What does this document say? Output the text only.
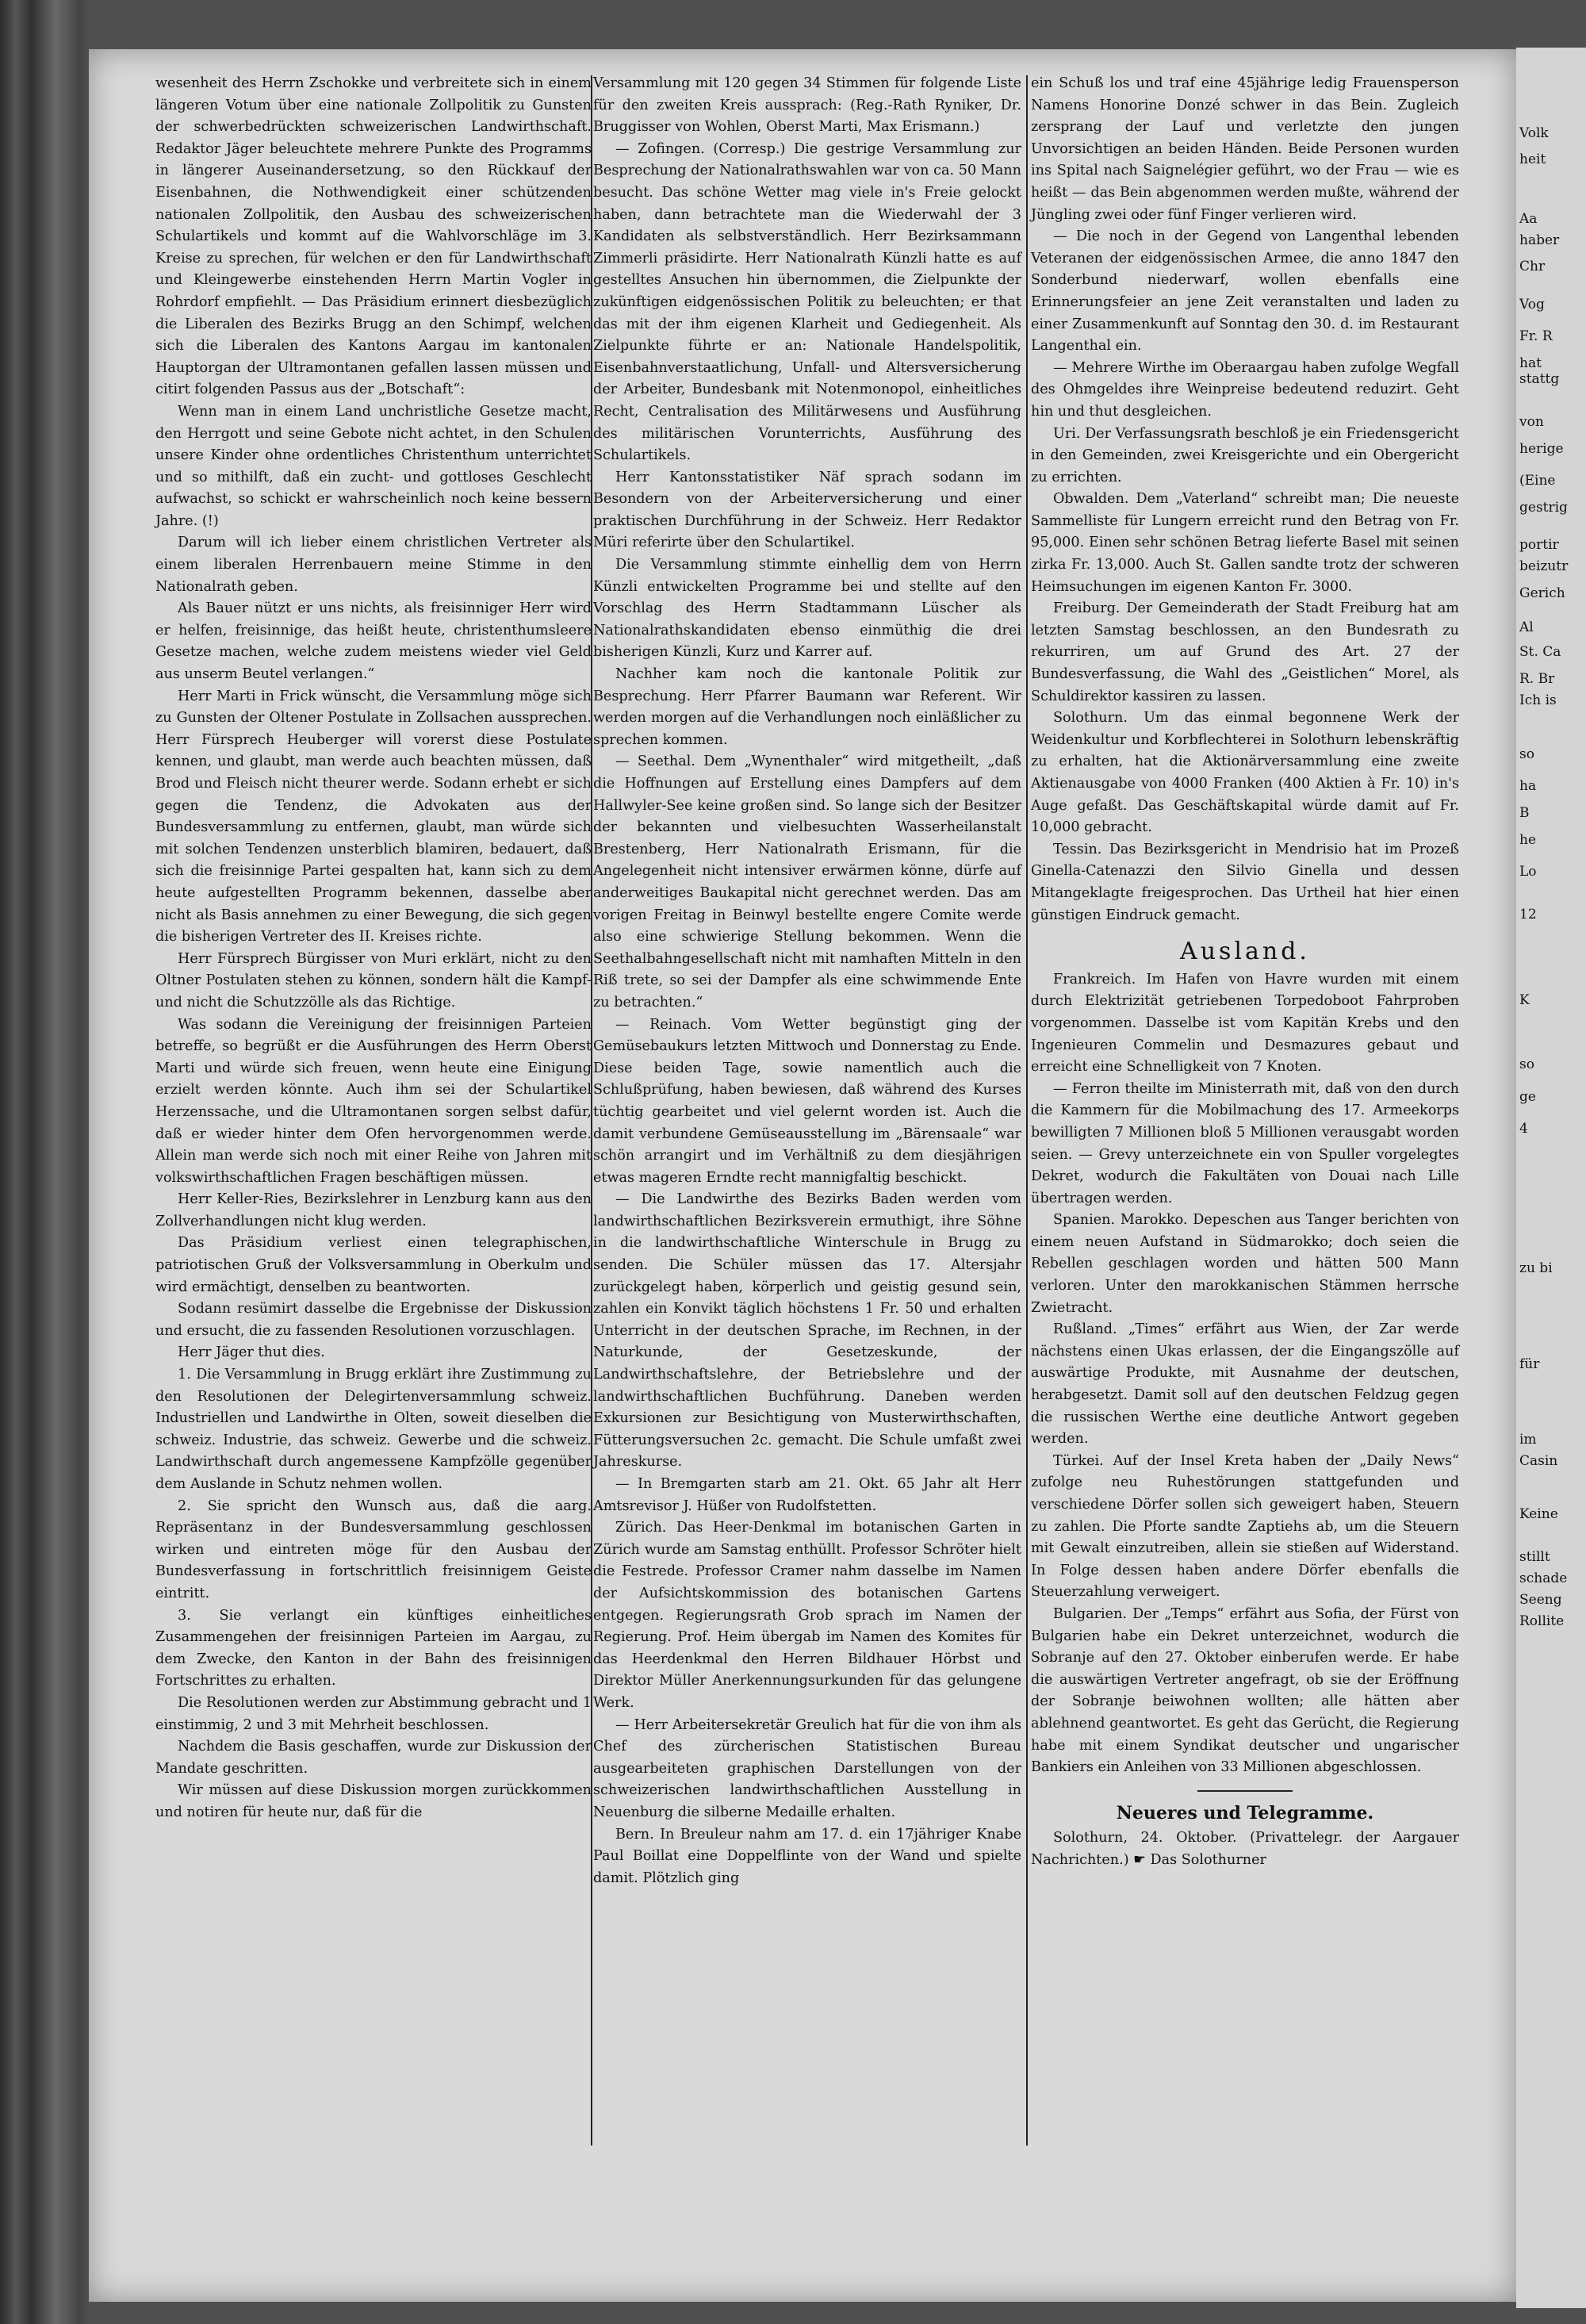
wesenheit des Herrn Zschokke und verbreitete sich in einem längeren Votum über eine nationale Zollpolitik zu Gunsten der schwerbedrückten schweizerischen Landwirthschaft. Redaktor Jäger beleuchtete mehrere Punkte des Programms in längerer Auseinandersetzung, so den Rückkauf der Eisenbahnen, die Nothwendigkeit einer schützenden nationalen Zollpolitik, den Ausbau des schweizerischen Schulartikels und kommt auf die Wahlvorschläge im 3. Kreise zu sprechen, für welchen er den für Landwirthschaft und Kleingewerbe einstehenden Herrn Martin Vogler in Rohrdorf empfiehlt. — Das Präsidium erinnert diesbezüglich die Liberalen des Bezirks Brugg an den Schimpf, welchen sich die Liberalen des Kantons Aargau im kantonalen Hauptorgan der Ultramontanen gefallen lassen müssen und citirt folgenden Passus aus der „Botschaft“:

Wenn man in einem Land unchristliche Gesetze macht, den Herrgott und seine Gebote nicht achtet, in den Schulen unsere Kinder ohne ordentliches Christenthum unterrichtet und so mithilft, daß ein zucht- und gottloses Geschlecht aufwachst, so schickt er wahrscheinlich noch keine bessern Jahre. (!)

Darum will ich lieber einem christlichen Vertreter als einem liberalen Herrenbauern meine Stimme in den Nationalrath geben.

Als Bauer nützt er uns nichts, als freisinniger Herr wird er helfen, freisinnige, das heißt heute, christenthumsleere Gesetze machen, welche zudem meistens wieder viel Geld aus unserm Beutel verlangen.“

Herr Marti in Frick wünscht, die Versammlung möge sich zu Gunsten der Oltener Postulate in Zollsachen aussprechen. Herr Fürsprech Heuberger will vorerst diese Postulate kennen, und glaubt, man werde auch beachten müssen, daß Brod und Fleisch nicht theurer werde. Sodann erhebt er sich gegen die Tendenz, die Advokaten aus der Bundesversammlung zu entfernen, glaubt, man würde sich mit solchen Tendenzen unsterblich blamiren, bedauert, daß sich die freisinnige Partei gespalten hat, kann sich zu dem heute aufgestellten Programm bekennen, dasselbe aber nicht als Basis annehmen zu einer Bewegung, die sich gegen die bisherigen Vertreter des II. Kreises richte.

Herr Fürsprech Bürgisser von Muri erklärt, nicht zu den Oltner Postulaten stehen zu können, sondern hält die Kampf- und nicht die Schutzzölle als das Richtige.

Was sodann die Vereinigung der freisinnigen Parteien betreffe, so begrüßt er die Ausführungen des Herrn Oberst Marti und würde sich freuen, wenn heute eine Einigung erzielt werden könnte. Auch ihm sei der Schulartikel Herzenssache, und die Ultramontanen sorgen selbst dafür, daß er wieder hinter dem Ofen hervorgenommen werde. Allein man werde sich noch mit einer Reihe von Jahren mit volkswirthschaftlichen Fragen beschäftigen müssen.

Herr Keller-Ries, Bezirkslehrer in Lenzburg kann aus den Zollverhandlungen nicht klug werden.

Das Präsidium verliest einen telegraphischen, patriotischen Gruß der Volksversammlung in Oberkulm und wird ermächtigt, denselben zu beantworten.

Sodann resümirt dasselbe die Ergebnisse der Diskussion und ersucht, die zu fassenden Resolutionen vorzuschlagen.

Herr Jäger thut dies.

1. Die Versammlung in Brugg erklärt ihre Zustimmung zu den Resolutionen der Delegirtenversammlung schweiz. Industriellen und Landwirthe in Olten, soweit dieselben die schweiz. Industrie, das schweiz. Gewerbe und die schweiz. Landwirthschaft durch angemessene Kampfzölle gegenüber dem Auslande in Schutz nehmen wollen.

2. Sie spricht den Wunsch aus, daß die aarg. Repräsentanz in der Bundesversammlung geschlossen wirken und eintreten möge für den Ausbau der Bundesverfassung in fortschrittlich freisinnigem Geiste eintritt.

3. Sie verlangt ein künftiges einheitliches Zusammengehen der freisinnigen Parteien im Aargau, zu dem Zwecke, den Kanton in der Bahn des freisinnigen Fortschrittes zu erhalten.

Die Resolutionen werden zur Abstimmung gebracht und 1 einstimmig, 2 und 3 mit Mehrheit beschlossen.

Nachdem die Basis geschaffen, wurde zur Diskussion der Mandate geschritten.

Wir müssen auf diese Diskussion morgen zurückkommen und notiren für heute nur, daß für die

Versammlung mit 120 gegen 34 Stimmen für folgende Liste für den zweiten Kreis aussprach: (Reg.-Rath Ryniker, Dr. Bruggisser von Wohlen, Oberst Marti, Max Erismann.)

— Zofingen. (Corresp.) Die gestrige Versammlung zur Besprechung der Nationalrathswahlen war von ca. 50 Mann besucht. Das schöne Wetter mag viele in's Freie gelockt haben, dann betrachtete man die Wiederwahl der 3 Kandidaten als selbstverständlich. Herr Bezirksammann Zimmerli präsidirte. Herr Nationalrath Künzli hatte es auf gestelltes Ansuchen hin übernommen, die Zielpunkte der zukünftigen eidgenössischen Politik zu beleuchten; er that das mit der ihm eigenen Klarheit und Gediegenheit. Als Zielpunkte führte er an: Nationale Handelspolitik, Eisenbahnverstaatlichung, Unfall- und Altersversicherung der Arbeiter, Bundesbank mit Notenmonopol, einheitliches Recht, Centralisation des Militärwesens und Ausführung des militärischen Vorunterrichts, Ausführung des Schulartikels.

Herr Kantonsstatistiker Näf sprach sodann im Besondern von der Arbeiterversicherung und einer praktischen Durchführung in der Schweiz. Herr Redaktor Müri referirte über den Schulartikel.

Die Versammlung stimmte einhellig dem von Herrn Künzli entwickelten Programme bei und stellte auf den Vorschlag des Herrn Stadtammann Lüscher als Nationalrathskandidaten ebenso einmüthig die drei bisherigen Künzli, Kurz und Karrer auf.

Nachher kam noch die kantonale Politik zur Besprechung. Herr Pfarrer Baumann war Referent. Wir werden morgen auf die Verhandlungen noch einläßlicher zu sprechen kommen.

— Seethal. Dem „Wynenthaler“ wird mitgetheilt, „daß die Hoffnungen auf Erstellung eines Dampfers auf dem Hallwyler-See keine großen sind. So lange sich der Besitzer der bekannten und vielbesuchten Wasserheilanstalt Brestenberg, Herr Nationalrath Erismann, für die Angelegenheit nicht intensiver erwärmen könne, dürfe auf anderweitiges Baukapital nicht gerechnet werden. Das am vorigen Freitag in Beinwyl bestellte engere Comite werde also eine schwierige Stellung bekommen. Wenn die Seethalbahngesellschaft nicht mit namhaften Mitteln in den Riß trete, so sei der Dampfer als eine schwimmende Ente zu betrachten.“

— Reinach. Vom Wetter begünstigt ging der Gemüsebaukurs letzten Mittwoch und Donnerstag zu Ende. Diese beiden Tage, sowie namentlich auch die Schlußprüfung, haben bewiesen, daß während des Kurses tüchtig gearbeitet und viel gelernt worden ist. Auch die damit verbundene Gemüseausstellung im „Bärensaale“ war schön arrangirt und im Verhältniß zu dem diesjährigen etwas mageren Erndte recht mannigfaltig beschickt.

— Die Landwirthe des Bezirks Baden werden vom landwirthschaftlichen Bezirksverein ermuthigt, ihre Söhne in die landwirthschaftliche Winterschule in Brugg zu senden. Die Schüler müssen das 17. Altersjahr zurückgelegt haben, körperlich und geistig gesund sein, zahlen ein Konvikt täglich höchstens 1 Fr. 50 und erhalten Unterricht in der deutschen Sprache, im Rechnen, in der Naturkunde, der Gesetzeskunde, der Landwirthschaftslehre, der Betriebslehre und der landwirthschaftlichen Buchführung. Daneben werden Exkursionen zur Besichtigung von Musterwirthschaften, Fütterungsversuchen 2c. gemacht. Die Schule umfaßt zwei Jahreskurse.

— In Bremgarten starb am 21. Okt. 65 Jahr alt Herr Amtsrevisor J. Hüßer von Rudolfstetten.

Zürich. Das Heer-Denkmal im botanischen Garten in Zürich wurde am Samstag enthüllt. Professor Schröter hielt die Festrede. Professor Cramer nahm dasselbe im Namen der Aufsichtskommission des botanischen Gartens entgegen. Regierungsrath Grob sprach im Namen der Regierung. Prof. Heim übergab im Namen des Komites für das Heerdenkmal den Herren Bildhauer Hörbst und Direktor Müller Anerkennungsurkunden für das gelungene Werk.

— Herr Arbeitersekretär Greulich hat für die von ihm als Chef des zürcherischen Statistischen Bureau ausgearbeiteten graphischen Darstellungen von der schweizerischen landwirthschaftlichen Ausstellung in Neuenburg die silberne Medaille erhalten.

Bern. In Breuleur nahm am 17. d. ein 17jähriger Knabe Paul Boillat eine Doppelflinte von der Wand und spielte damit. Plötzlich ging

ein Schuß los und traf eine 45jährige ledig Frauensperson Namens Honorine Donzé schwer in das Bein. Zugleich zersprang der Lauf und verletzte den jungen Unvorsichtigen an beiden Händen. Beide Personen wurden ins Spital nach Saignelégier geführt, wo der Frau — wie es heißt — das Bein abgenommen werden mußte, während der Jüngling zwei oder fünf Finger verlieren wird.

— Die noch in der Gegend von Langenthal lebenden Veteranen der eidgenössischen Armee, die anno 1847 den Sonderbund niederwarf, wollen ebenfalls eine Erinnerungsfeier an jene Zeit veranstalten und laden zu einer Zusammenkunft auf Sonntag den 30. d. im Restaurant Langenthal ein.

— Mehrere Wirthe im Oberaargau haben zufolge Wegfall des Ohmgeldes ihre Weinpreise bedeutend reduzirt. Geht hin und thut desgleichen.

Uri. Der Verfassungsrath beschloß je ein Friedensgericht in den Gemeinden, zwei Kreisgerichte und ein Obergericht zu errichten.

Obwalden. Dem „Vaterland“ schreibt man; Die neueste Sammelliste für Lungern erreicht rund den Betrag von Fr. 95,000. Einen sehr schönen Betrag lieferte Basel mit seinen zirka Fr. 13,000. Auch St. Gallen sandte trotz der schweren Heimsuchungen im eigenen Kanton Fr. 3000.

Freiburg. Der Gemeinderath der Stadt Freiburg hat am letzten Samstag beschlossen, an den Bundesrath zu rekurriren, um auf Grund des Art. 27 der Bundesverfassung, die Wahl des „Geistlichen“ Morel, als Schuldirektor kassiren zu lassen.

Solothurn. Um das einmal begonnene Werk der Weidenkultur und Korbflechterei in Solothurn lebenskräftig zu erhalten, hat die Aktionärversammlung eine zweite Aktienausgabe von 4000 Franken (400 Aktien à Fr. 10) in's Auge gefaßt. Das Geschäftskapital würde damit auf Fr. 10,000 gebracht.

Tessin. Das Bezirksgericht in Mendrisio hat im Prozeß Ginella-Catenazzi den Silvio Ginella und dessen Mitangeklagte freigesprochen. Das Urtheil hat hier einen günstigen Eindruck gemacht.

Ausland.

Frankreich. Im Hafen von Havre wurden mit einem durch Elektrizität getriebenen Torpedoboot Fahrproben vorgenommen. Dasselbe ist vom Kapitän Krebs und den Ingenieuren Commelin und Desmazures gebaut und erreicht eine Schnelligkeit von 7 Knoten.

— Ferron theilte im Ministerrath mit, daß von den durch die Kammern für die Mobilmachung des 17. Armeekorps bewilligten 7 Millionen bloß 5 Millionen verausgabt worden seien. — Grevy unterzeichnete ein von Spuller vorgelegtes Dekret, wodurch die Fakultäten von Douai nach Lille übertragen werden.

Spanien. Marokko. Depeschen aus Tanger berichten von einem neuen Aufstand in Südmarokko; doch seien die Rebellen geschlagen worden und hätten 500 Mann verloren. Unter den marokkanischen Stämmen herrsche Zwietracht.

Rußland. „Times“ erfährt aus Wien, der Zar werde nächstens einen Ukas erlassen, der die Eingangszölle auf auswärtige Produkte, mit Ausnahme der deutschen, herabgesetzt. Damit soll auf den deutschen Feldzug gegen die russischen Werthe eine deutliche Antwort gegeben werden.

Türkei. Auf der Insel Kreta haben der „Daily News“ zufolge neu Ruhestörungen stattgefunden und verschiedene Dörfer sollen sich geweigert haben, Steuern zu zahlen. Die Pforte sandte Zaptiehs ab, um die Steuern mit Gewalt einzutreiben, allein sie stießen auf Widerstand. In Folge dessen haben andere Dörfer ebenfalls die Steuerzahlung verweigert.

Bulgarien. Der „Temps“ erfährt aus Sofia, der Fürst von Bulgarien habe ein Dekret unterzeichnet, wodurch die Sobranje auf den 27. Oktober einberufen werde. Er habe die auswärtigen Vertreter angefragt, ob sie der Eröffnung der Sobranje beiwohnen wollten; alle hätten aber ablehnend geantwortet. Es geht das Gerücht, die Regierung habe mit einem Syndikat deutscher und ungarischer Bankiers ein Anleihen von 33 Millionen abgeschlossen.

Neueres und Telegramme.

Solothurn, 24. Oktober. (Privattelegr. der Aargauer Nachrichten.) ☛ Das Solothurner

Volk
heit
Aa
haber
Chr
Vog
Fr. R
hat
stattg
von
herige
(Eine
gestrig
portir
beizutr
Gerich
Al
St. Ca
R. Br
Ich is
so
ha
B
he
Lo
12
K
so
ge
4
zu bi
für
im
Casin
Keine
stillt
schade
Seeng
Rollite
